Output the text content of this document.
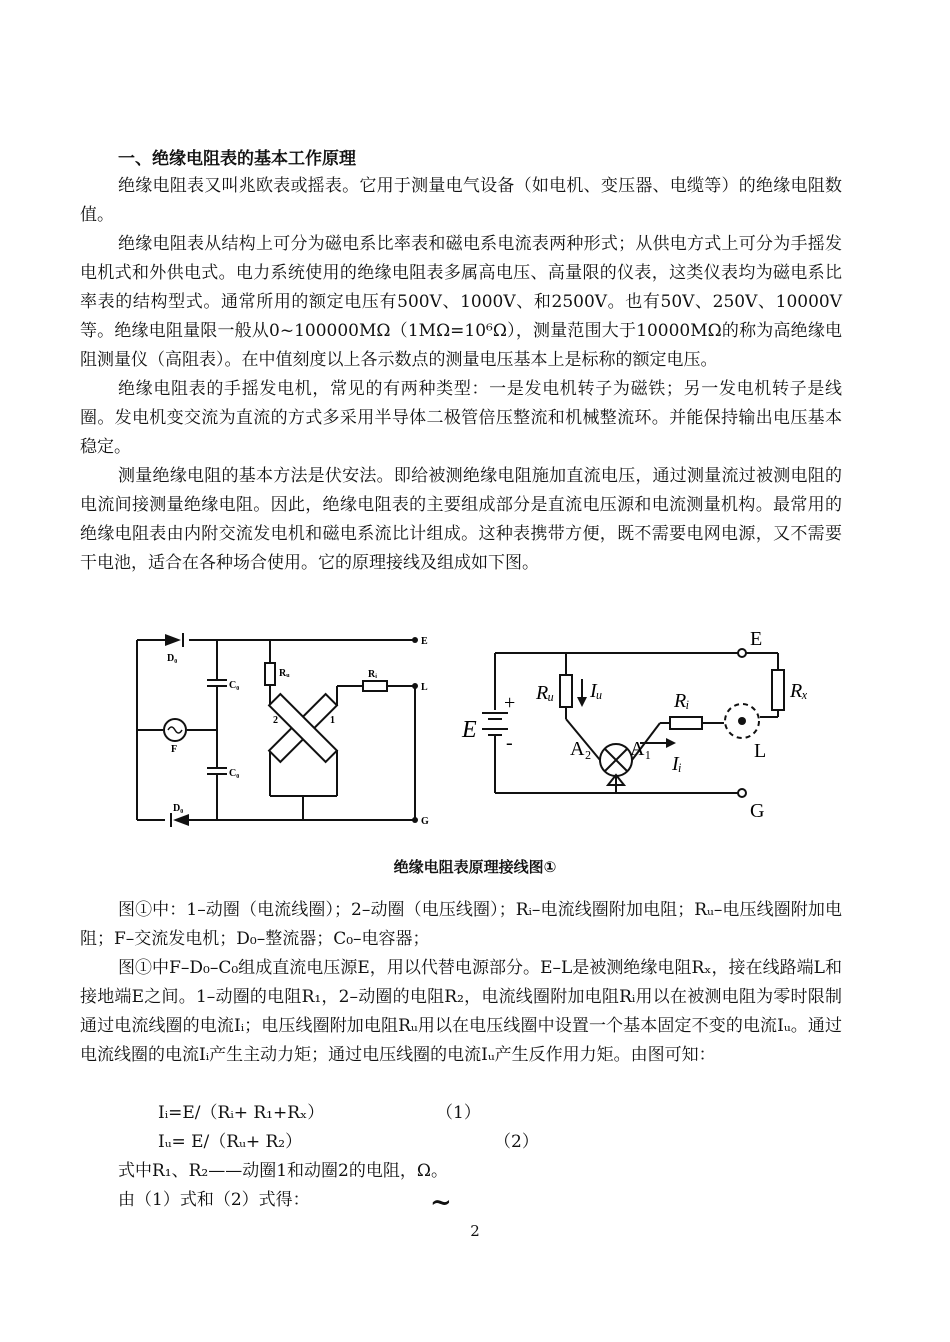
一、绝缘电阻表的基本工作原理

绝缘电阻表又叫兆欧表或摇表。它用于测量电气设备（如电机、变压器、电缆等）的绝缘电阻数值。

绝缘电阻表从结构上可分为磁电系比率表和磁电系电流表两种形式；从供电方式上可分为手摇发电机式和外供电式。电力系统使用的绝缘电阻表多属高电压、高量限的仪表，这类仪表均为磁电系比率表的结构型式。通常所用的额定电压有500V、1000V、和2500V。也有50V、250V、10000V等。绝缘电阻量限一般从0~100000MΩ（1MΩ=10⁶Ω），测量范围大于10000MΩ的称为高绝缘电阻测量仪（高阻表）。在中值刻度以上各示数点的测量电压基本上是标称的额定电压。

绝缘电阻表的手摇发电机，常见的有两种类型：一是发电机转子为磁铁；另一发电机转子是线圈。发电机变交流为直流的方式多采用半导体二极管倍压整流和机械整流环。并能保持输出电压基本稳定。

测量绝缘电阻的基本方法是伏安法。即给被测绝缘电阻施加直流电压，通过测量流过被测电阻的电流间接测量绝缘电阻。因此，绝缘电阻表的主要组成部分是直流电压源和电流测量机构。最常用的绝缘电阻表由内附交流发电机和磁电系流比计组成。这种表携带方便，既不需要电网电源，又不需要干电池，适合在各种场合使用。它的原理接线及组成如下图。

D₀
D₀
C₀
C₀
F
Rᵤ	Rᵢ
E
L
G
1
2
E
E
+
-
Rᵤ Iᵤ	Rᵢ	Rₓ
A₂ A₁
Iᵢ
L
G
绝缘电阻表原理接线图①

图①中：1–动圈（电流线圈）；2–动圈（电压线圈）；Rᵢ–电流线圈附加电阻；Rᵤ–电压线圈附加电阻；F–交流发电机；D₀–整流器；C₀–电容器；

图①中F–D₀–C₀组成直流电压源E，用以代替电源部分。E–L是被测绝缘电阻Rₓ，接在线路端L和接地端E之间。1–动圈的电阻R₁，2–动圈的电阻R₂，电流线圈附加电阻Rᵢ用以在被测电阻为零时限制通过电流线圈的电流Iᵢ；电压线圈附加电阻Rᵤ用以在电压线圈中设置一个基本固定不变的电流Iᵤ。通过电流线圈的电流Iᵢ产生主动力矩；通过电压线圈的电流Iᵤ产生反作用力矩。由图可知：

Iᵢ=E/（Rᵢ+ R₁+Rₓ）	（1）
Iᵤ= E/（Rᵤ+ R₂）	（2）
式中R₁、R₂——动圈1和动圈2的电阻，Ω。
由（1）式和（2）式得：	~
2
